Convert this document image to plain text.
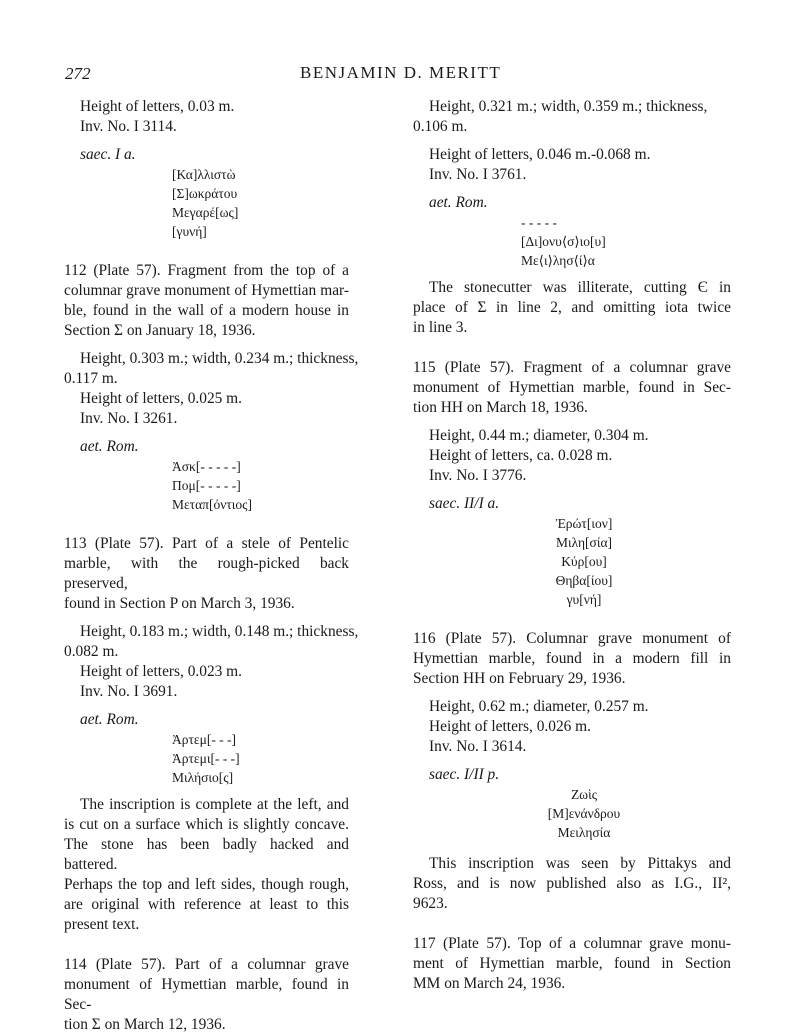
272	BENJAMIN D. MERITT

Height of letters, 0.03 m.

Inv. No. I 3114.

saec. I a.

[Κα]λλιστὼ
[Σ]ωκράτου
Μεγαρέ[ως]
[γυνή]

112 (Plate 57). Fragment from the top of a

columnar grave monument of Hymettian mar-

ble, found in the wall of a modern house in

Section Σ on January 18, 1936.

Height, 0.303 m.; width, 0.234 m.; thickness,

0.117 m.

Height of letters, 0.025 m.

Inv. No. I 3261.

aet. Rom.

Ἀσκ[- - - - -]
Πομ[- - - - -]
Μεταπ[όντιος]

113 (Plate 57). Part of a stele of Pentelic

marble, with the rough-picked back preserved,

found in Section P on March 3, 1936.

Height, 0.183 m.; width, 0.148 m.; thickness,

0.082 m.

Height of letters, 0.023 m.

Inv. No. I 3691.

aet. Rom.

Ἀρτεμ[- - -]
Ἀρτεμι[- - -]
Μιλήσιο[ς]

The inscription is complete at the left, and

is cut on a surface which is slightly concave.

The stone has been badly hacked and battered.

Perhaps the top and left sides, though rough,

are original with reference at least to this

present text.

114 (Plate 57). Part of a columnar grave

monument of Hymettian marble, found in Sec-

tion Σ on March 12, 1936.

Height, 0.321 m.; width, 0.359 m.; thickness,

0.106 m.

Height of letters, 0.046 m.-0.068 m.

Inv. No. I 3761.

aet. Rom.

- - - - -
[Δι]ονυ⟨σ⟩ιο[υ]
Με⟨ι⟩λησ⟨ί⟩α

The stonecutter was illiterate, cutting Є in

place of Σ in line 2, and omitting iota twice

in line 3.

115 (Plate 57). Fragment of a columnar grave

monument of Hymettian marble, found in Sec-

tion HH on March 18, 1936.

Height, 0.44 m.; diameter, 0.304 m.

Height of letters, ca. 0.028 m.

Inv. No. I 3776.

saec. II/I a.

Ἐρώτ[ιον]
Μιλη[σία]
Κύρ[ου]
Θηβα[ίου]
γυ[νή]

116 (Plate 57). Columnar grave monument of

Hymettian marble, found in a modern fill in

Section HH on February 29, 1936.

Height, 0.62 m.; diameter, 0.257 m.

Height of letters, 0.026 m.

Inv. No. I 3614.

saec. I/II p.

Ζωὶς
[Μ]ενάνδρου
Μειλησία

This inscription was seen by Pittakys and

Ross, and is now published also as I.G., II²,

9623.

117 (Plate 57). Top of a columnar grave monu-

ment of Hymettian marble, found in Section

MM on March 24, 1936.
